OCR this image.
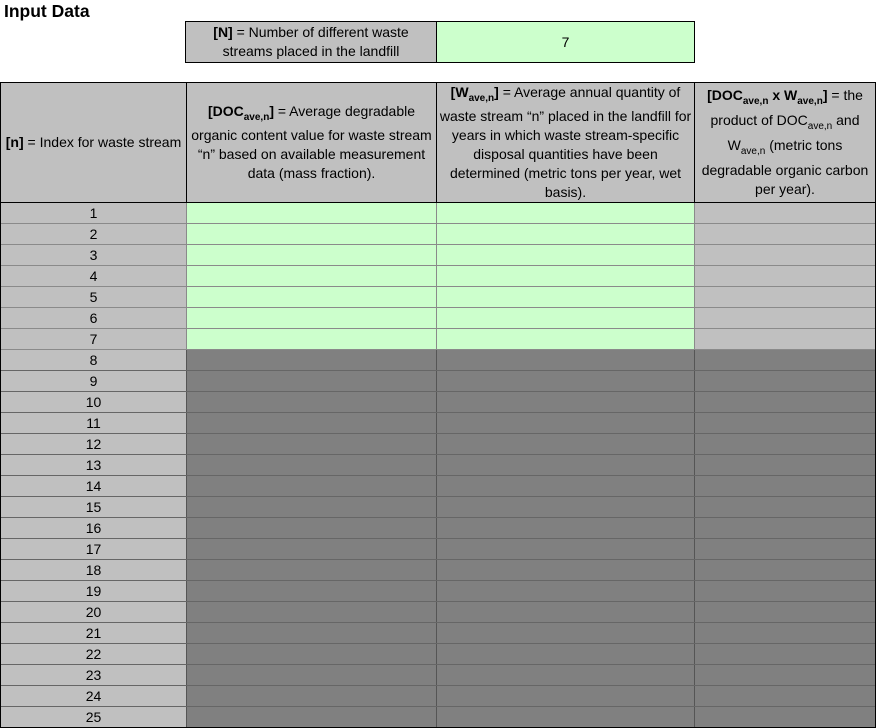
Input Data
[N] = Number of different waste streams placed in the landfill
7
[n] = Index for waste stream
$[DOC_{ave,n}]$ = Average degradable organic content value for waste stream “n” based on available measurement data (mass fraction).
$[W_{ave,n}]$ = Average annual quantity of waste stream “n” placed in the landfill for years in which waste stream-specific disposal quantities have been determined (metric tons per year, wet basis).
[$DOC_{ave,n}$ x $W_{ave,n}$] = the product of $DOC_{ave,n}$ and $W_{ave,n}$ (metric tons degradable organic carbon per year).
1
2
3
4
5
6
7
8
9
10
11
12
13
14
15
16
17
18
19
20
21
22
23
24
25
